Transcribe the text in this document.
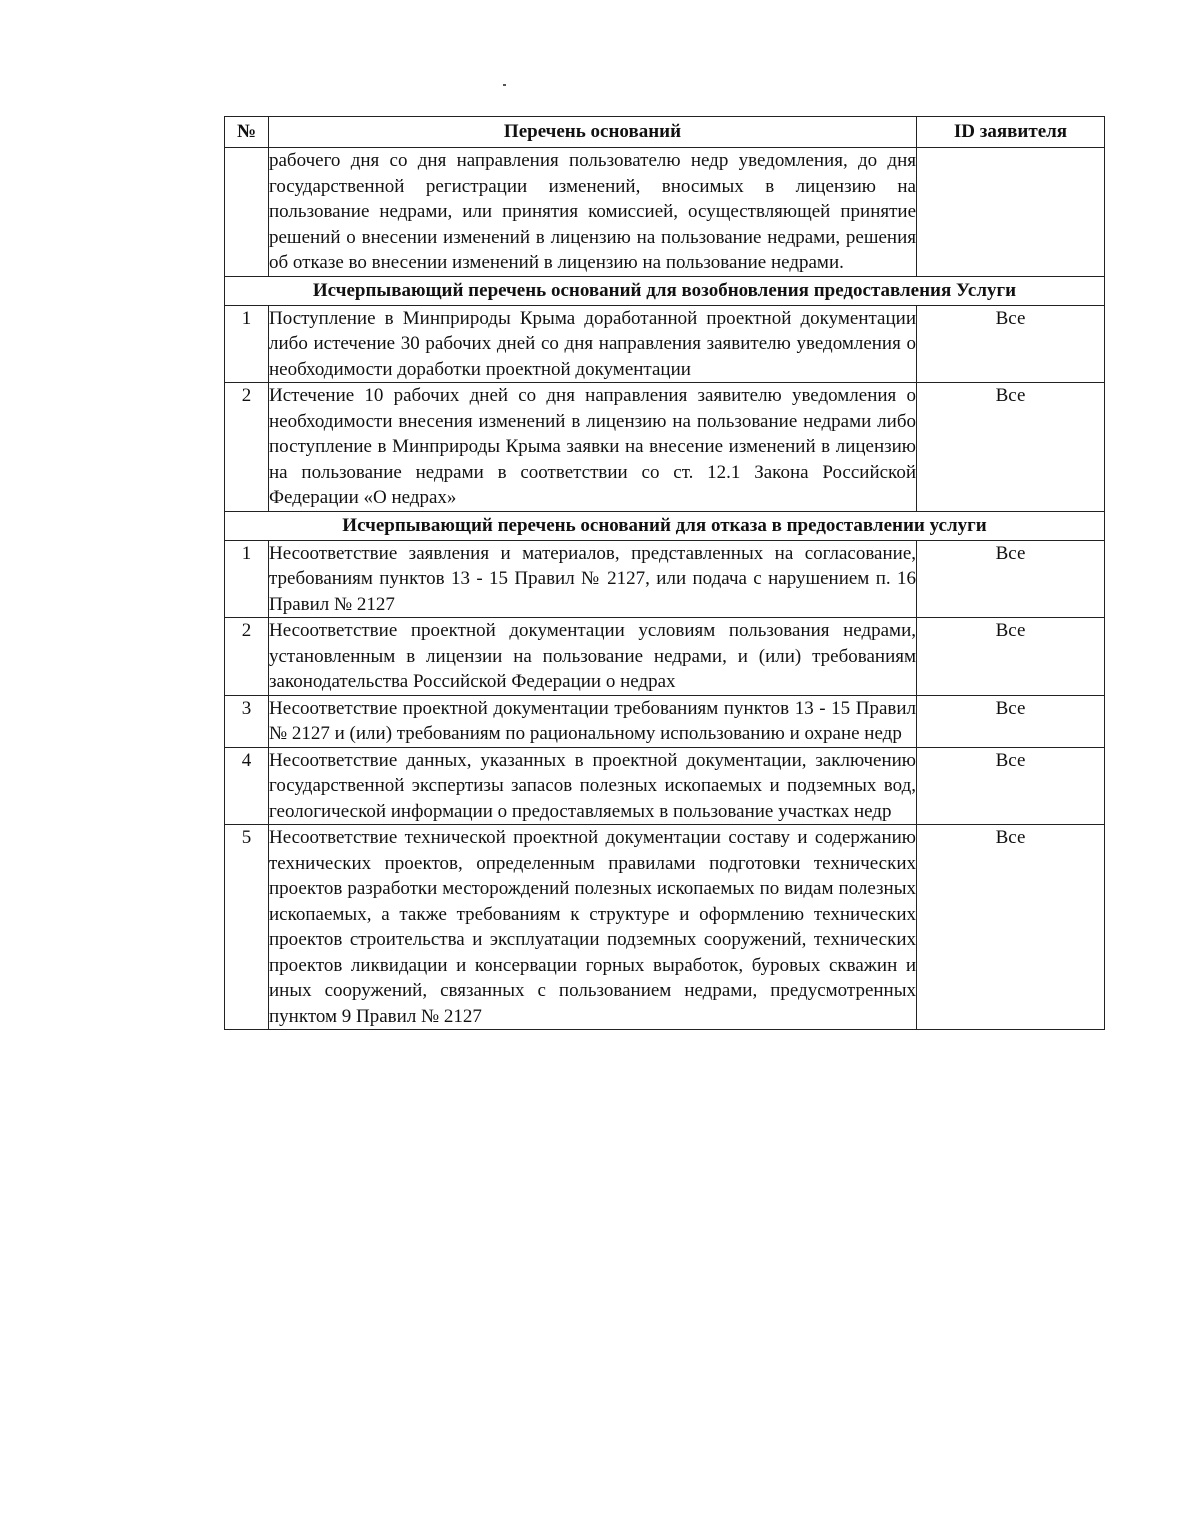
№	Перечень оснований	ID заявителя

	рабочего дня со дня направления пользователю недр уведомления, до дня государственной регистрации изменений, вносимых в лицензию на пользование недрами, или принятия комиссией, осуществляющей принятие решений о внесении изменений в лицензию на пользование недрами, решения об отказе во внесении изменений в лицензию на пользование недрами.	

Исчерпывающий перечень оснований для возобновления предоставления Услуги		
1	Поступление в Минприроды Крыма доработанной проектной документации либо истечение 30 рабочих дней со дня направления заявителю уведомления о необходимости доработки проектной документации	Все
2	Истечение 10 рабочих дней со дня направления заявителю уведомления о необходимости внесения изменений в лицензию на пользование недрами либо поступление в Минприроды Крыма заявки на внесение изменений в лицензию на пользование недрами в соответствии со ст. 12.1 Закона Российской Федерации «О недрах»	Все
Исчерпывающий перечень оснований для отказа в предоставлении услуги		
1	Несоответствие заявления и материалов, представленных на согласование, требованиям пунктов 13 - 15 Правил № 2127, или подача с нарушением п. 16 Правил № 2127	Все
2	Несоответствие проектной документации условиям пользования недрами, установленным в лицензии на пользование недрами, и (или) требованиям законодательства Российской Федерации о недрах	Все
3	Несоответствие проектной документации требованиям пунктов 13 - 15 Правил № 2127 и (или) требованиям по рациональному использованию и охране недр	Все
4	Несоответствие данных, указанных в проектной документации, заключению государственной экспертизы запасов полезных ископаемых и подземных вод, геологической информации о предоставляемых в пользование участках недр	Все
5	Несоответствие технической проектной документации составу и содержанию технических проектов, определенным правилами подготовки технических проектов разработки месторождений полезных ископаемых по видам полезных ископаемых, а также требованиям к структуре и оформлению технических проектов строительства и эксплуатации подземных сооружений, технических проектов ликвидации и консервации горных выработок, буровых скважин и иных сооружений, связанных с пользованием недрами, предусмотренных пунктом 9 Правил № 2127	Все
